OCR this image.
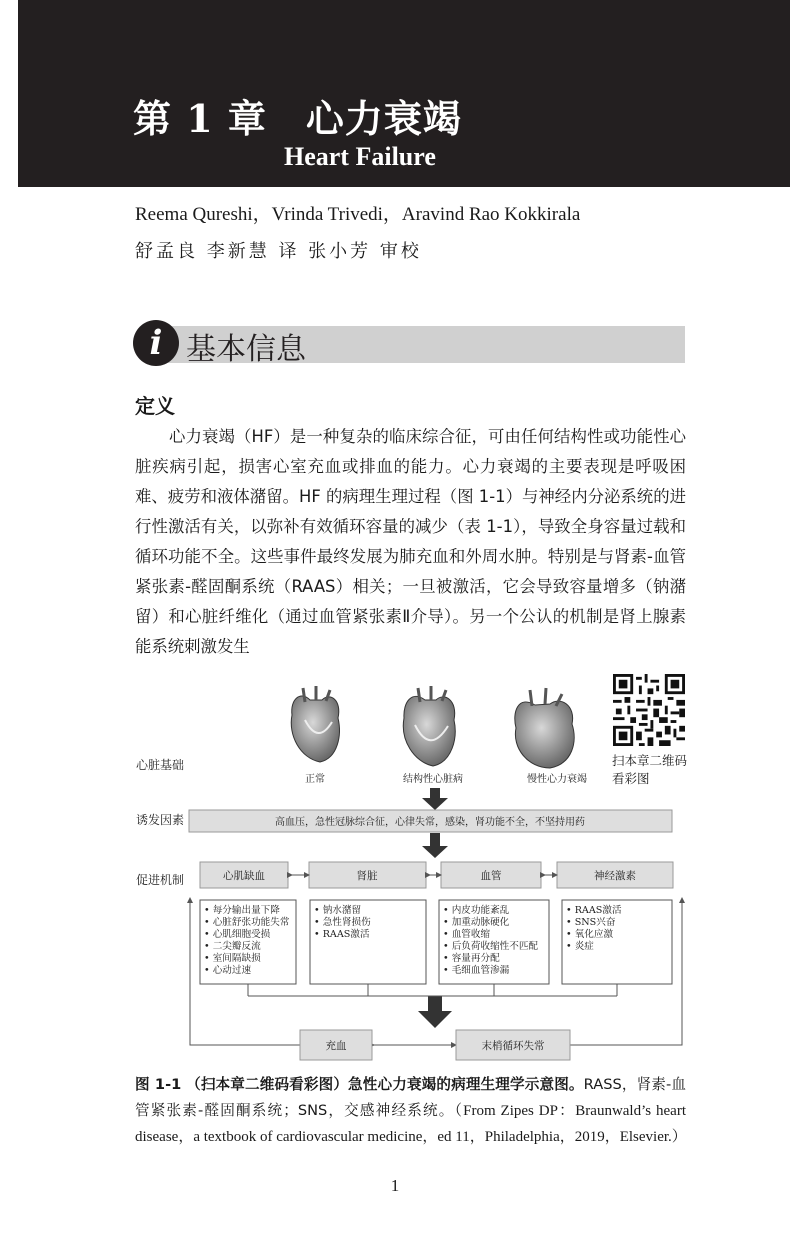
第 1 章　心力衰竭
Heart Failure
Reema Qureshi，Vrinda Trivedi，Aravind Rao Kokkirala
舒孟良 李新慧 译 张小芳 审校
i 基本信息
定义

心力衰竭（HF）是一种复杂的临床综合征，可由任何结构性或功能性心脏疾病引起，损害心室充血或排血的能力。心力衰竭的主要表现是呼吸困难、疲劳和液体潴留。HF 的病理生理过程（图 1-1）与神经内分泌系统的进行性激活有关，以弥补有效循环容量的减少（表 1-1），导致全身容量过载和循环功能不全。这些事件最终发展为肺充血和外周水肿。特别是与肾素-血管紧张素-醛固酮系统（RAAS）相关；一旦被激活，它会导致容量增多（钠潴留）和心脏纤维化（通过血管紧张素Ⅱ介导）。另一个公认的机制是肾上腺素能系统刺激发生

扫本章二维码看彩图
心脏基础
诱发因素
促进机制
正常	结构性心脏病	慢性心力衰竭
高血压，急性冠脉综合征，心律失常，感染，肾功能不全，不坚持用药
心肌缺血	肾脏	血管	神经激素
• 每分输出量下降
• 心脏舒张功能失常
• 心肌细胞受损
• 二尖瓣反流
• 室间隔缺损
• 心动过速
• 钠水潴留
• 急性肾损伤
• RAAS激活
• 内皮功能紊乱
• 加重动脉硬化
• 血管收缩
• 后负荷收缩性不匹配
• 容量再分配
• 毛细血管渗漏
• RAAS激活
• SNS兴奋
• 氧化应激
• 炎症
充血	末梢循环失常
图 1-1 （扫本章二维码看彩图）急性心力衰竭的病理生理学示意图。RASS，肾素-血管紧张素-醛固酮系统；SNS，交感神经系统。（From Zipes DP：Braunwald’s heart disease，a textbook of cardiovascular medicine，ed 11，Philadelphia，2019，Elsevier.）
1
